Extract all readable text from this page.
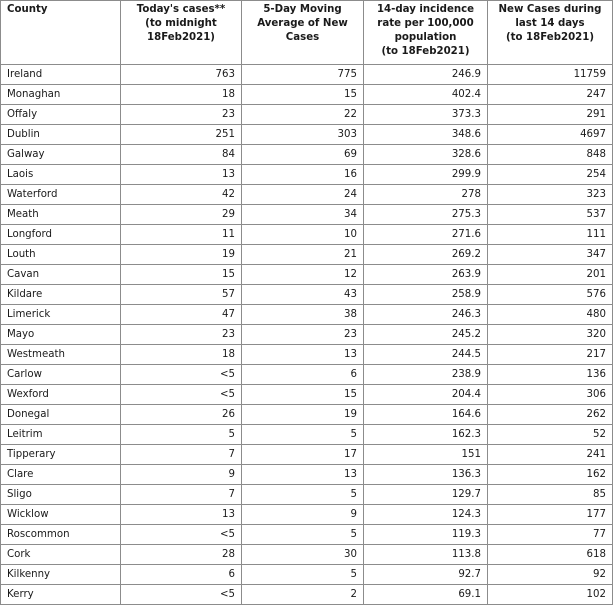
County	Today's cases**
(to midnight
18Feb2021)	5-Day Moving
Average of New
Cases	14-day incidence
rate per 100,000
population
(to 18Feb2021)	New Cases during
last 14 days
(to 18Feb2021)

Ireland	763	775	246.9	11759
Monaghan	18	15	402.4	247
Offaly	23	22	373.3	291
Dublin	251	303	348.6	4697
Galway	84	69	328.6	848
Laois	13	16	299.9	254
Waterford	42	24	278	323
Meath	29	34	275.3	537
Longford	11	10	271.6	111
Louth	19	21	269.2	347
Cavan	15	12	263.9	201
Kildare	57	43	258.9	576
Limerick	47	38	246.3	480
Mayo	23	23	245.2	320
Westmeath	18	13	244.5	217
Carlow	<5	6	238.9	136
Wexford	<5	15	204.4	306
Donegal	26	19	164.6	262
Leitrim	5	5	162.3	52
Tipperary	7	17	151	241
Clare	9	13	136.3	162
Sligo	7	5	129.7	85
Wicklow	13	9	124.3	177
Roscommon	<5	5	119.3	77
Cork	28	30	113.8	618
Kilkenny	6	5	92.7	92
Kerry	<5	2	69.1	102
